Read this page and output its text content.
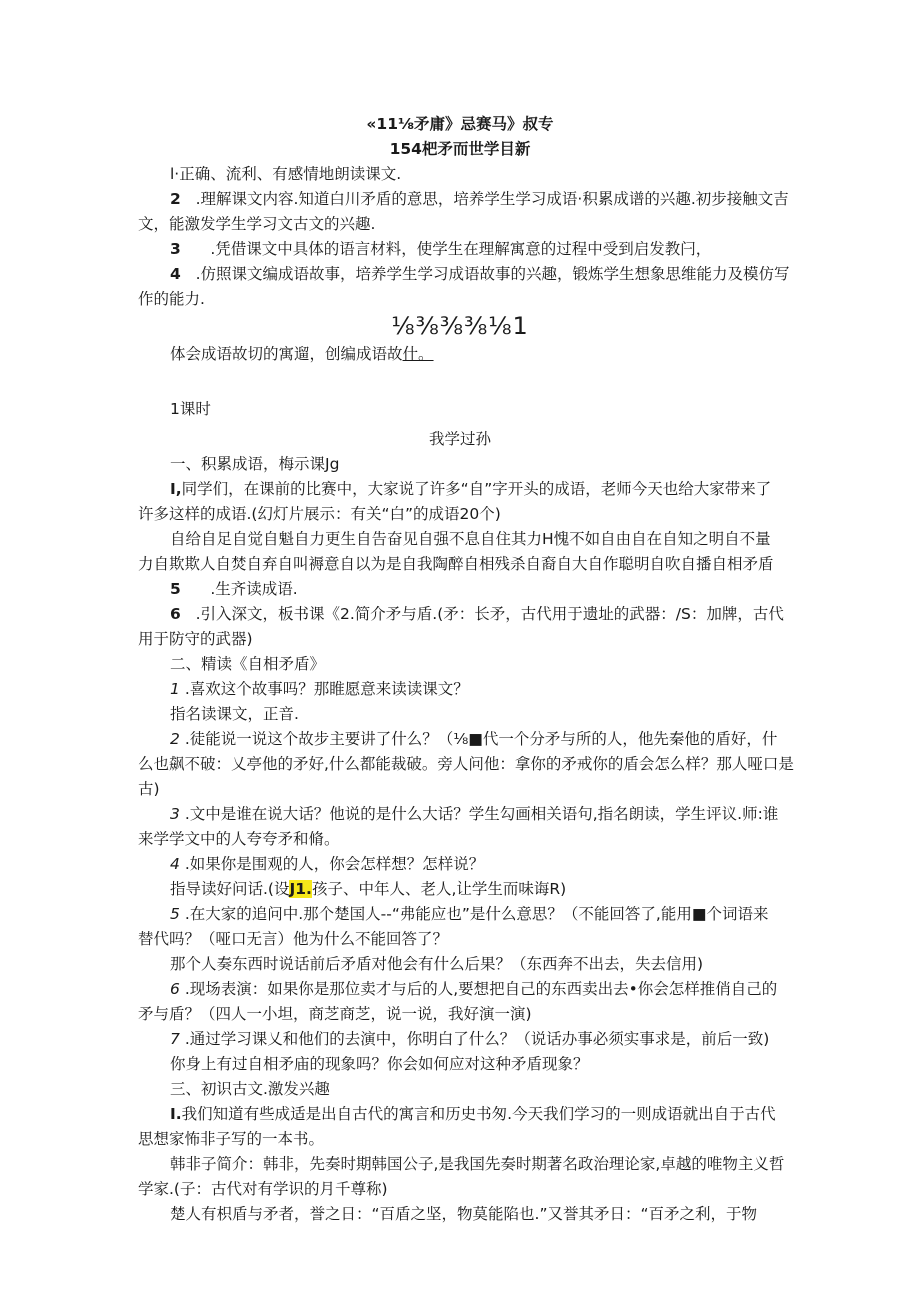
«11⅛矛庸》忌赛马》叔专
154杷矛而世学目新
l·正确、流利、有感情地朗读课文.
2 .理解课文内容.知道白川矛盾的意思，培养学生学习成语·积累成谱的兴趣.初步接触文吉
文，能激发学生学习文古文的兴趣.
3 .凭借课文中具体的语言材料，使学生在理解寓意的过程中受到启发教闩，
4 .仿照课文编成语故事，培养学生学习成语故事的兴趣，锻炼学生想象思维能力及模仿写
作的能力.
⅛⅜⅜⅜⅛1
体会成语故切的寓遛，创编成语故什。
1课时
我学过孙
一、积累成语，梅示课Jg
I,同学们，在课前的比赛中，大家说了许多“自”字开头的成语，老师今天也给大家带来了
许多这样的成语.(幻灯片展示：有关“白”的成语20个)
自给自足自觉自魁自力更生自告奋见自强不息自住其力H愧不如自由自在自知之明自不量
力自欺欺人自焚自弃自叫褥意自以为是自我陶醉自相残杀自裔自大自作聪明自吹自播自相矛盾
5 .生齐读成语.
6 .引入深文，板书课《2.简介矛与盾.(矛：长矛，古代用于遗址的武器：/S：加牌，古代
用于防守的武器)
二、精读《自相矛盾》
1 .喜欢这个故事吗？那睢愿意来读读课文？
指名读课文，正音.
2 .徒能说一说这个故步主要讲了什么？（⅛■代一个分矛与所的人，他先秦他的盾好，什
么也飙不破：乂亭他的矛好,什么都能裁破。旁人问他：拿你的矛戒你的盾会怎么样？那人哑口是
古)
3 .文中是谁在说大话？他说的是什么大话？学生勾画相关语句,指名朗读，学生评议.师:谁
来学学文中的人夸夸矛和脩。
4 .如果你是围观的人，你会怎样想？怎样说？
指导读好问话.(设J1.孩子、中年人、老人,让学生而味诲R)
5 .在大家的追问中.那个楚国人--“弗能应也”是什么意思？（不能回答了,能用■个词语来
替代吗？（哑口无言）他为什么不能回答了？
那个人奏东西时说话前后矛盾对他会有什么后果？（东西奔不出去，失去信用)
6 .现场表演：如果你是那位卖才与后的人,要想把自己的东西卖出去•你会怎样推俏自己的
矛与盾？（四人一小坦，商芝商芝，说一说，我好演一演)
7 .通过学习课乂和他们的去演中，你明白了什么？（说话办事必须实事求是，前后一致)
你身上有过自相矛庙的现象吗？你会如何应对这种矛盾现象？
三、初识古文.激发兴趣
I.我们知道有些成适是出自古代的寓言和历史书匆.今天我们学习的一则成语就出自于古代
思想家怖非子写的一本书。
韩非子简介：韩非，先奏时期韩国公子,是我国先奏时期著名政治理论家,卓越的唯物主义哲
学家.(子：古代对有学识的月千尊称)
楚人有枳盾与矛者，誉之日：“百盾之坚，物莫能陷也.”又誉其矛日：“百矛之利，于物
